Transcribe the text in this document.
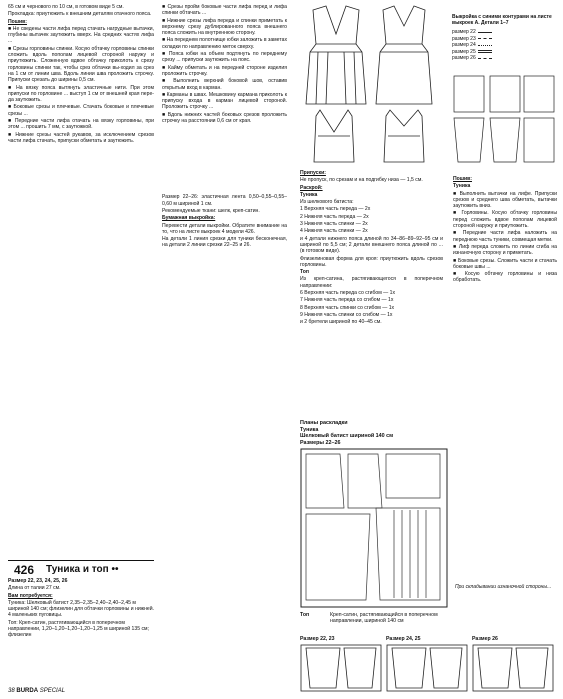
65 см и чернового по 10 см, в готовом виде 5 см.

Прокладка: приутюжить к внешним деталям отачного пояса.

Пошив:

■ Не сведены части лифа перед стачать нагрудные вытачки, глубины вытачек заутюжить вверх. На средних частях лифа ...

■ Срезы горловины спинки. Косую обтачку горловины спинки сложить вдоль пополам лицевой стороной наружу и приутюжить. Сложенную вдвое обтачку приколоть к срезу горловины спинки так, чтобы срез обтачки вы-ходил за срез на 1 см от линии шва. Вдоль линии шва проложить строчку. Припуски срезать до ширины 0,5 см.

■ На вязку пояса вытянуть эластичные нити. При этом припуски по горловине ... выступ 1 см от внешней края пере-да заутюжить.

■ Боковые срезы и плечевые. Стачать боковые и плечевые срезы ...

■ Передние части лифа отачать на вязку горловины, при этом ... прошить 7 мм, с заутюжкой.

■ Нижние срезы частей рукавов, за исключением срезов части лифа стачать, припуски обметать и заутюжить.

426 Туника и топ ••

Размер 22, 23, 24, 25, 26

Длина от талии 27 см.

Вам потребуется:

Туника: Шелковый батист 2,35–2,35–2,40–2,40–2,45 м шириной 140 см; флизелин для обтачки горловины и нижней. 4 маленьких пуговицы.

Топ: Креп-сатин, растягивающийся в поперечном направлении, 1,20–1,20–1,20–1,20–1,25 м шириной 135 см; флизелин

■ Срезы пройм боковые части лифа перед и лифа спинки обтачать ...

■ Нижние срезы лифа переда и спинки приметать к верхнему срезу дублированного пояса внешнего пояса сложить на внутреннюю сторону.

■ На переднем полотнище юбки заложить в заметах складки по направлению меток сверху.

■ Пояса юбки на объем подтянуть по переднему срезу ... припуски заутюжить на пояс.

■ Кайму обметать и на передней стороне изделия проложить строчку.

■ Выполнить верхний боковой шов, оставив открытым вход в карман.

■ Карманы в швах. Мешковину кармана приколоть к припуску входа в карман лицевой стороной. Проложить строчку ...

■ Вдоль нижних частей боковых срезов проложить строчку на расстоянии 0,6 см от края.

Размер 22–26: эластичная лента 0,50–0,55–0,55–0,60 м шириной 1 см.

Рекомендуемые ткани: шелк, креп-сатин.

Бумажная выкройка:

Перевести детали выкройки. Обратите внимание на то, что на листе выкроек 4 модели 426.

На детали 1 линия срезки для туники бесконечная, на детали 2 линии срезки 22–25 и 26.

Выкройка с синими контурами на листе выкроек А. Детали 1–7
размер 22
размер 23
размер 24
размер 25
размер 26

Припуски:

Не пропуск, по срезам и на подгибку низа — 1,5 см.

Раскрой:

Туника

Из шелкового батиста:

1 Верхняя часть переда — 2x

2 Нижняя часть переда — 2x

3 Нижняя часть спинки — 2x

4 Нижняя часть спинки — 2x

и 4 детали нижнего пояса длиной по 34–86–89–92–95 см и шириной по 5,5 см; 2 детали внешнего пояса длиной по ... (в готовом виде).

Флизелиновая форма для кроя: приутюжить вдоль срезов горловины.

Топ

Из креп-сатина, растягивающегося в поперечном направлении:

6 Верхняя часть переда со сгибом — 1x

7 Нижняя часть переда со сгибом — 1x

8 Верхняя часть спинки со сгибом — 1x

9 Нижняя часть спинки со сгибом — 1x

и 2 бретели шириной по 40–45 см.

Пошив:

Туника

■ Выполнить вытачки на лифе. Припуски срезов и среднего шва обметать, вытачки заутюжить вниз.

■ Горловины. Косую обтачку горловины перед сложить вдвое пополам лицевой стороной наружу и приутюжить.

■ Передние части лифа наложить на переднюю часть туники, совмещая метки.

■ Лиф переда сложить по линии сгиба на изнаночную сторону и приметать.

■ Боковые срезы. Сложить части и стачать боковые швы ...

■ Косую обтачку горловины и низа обработать.

Планы раскладки
Туника
Шелковый батист шириной 140 см
Размеры 22–26
Топ	Креп-сатин, растягивающийся в поперечном направлении, шириной 140 см
Размер 22, 23	Размер 24, 25	Размер 26
При складывании изнаночной стороны...
38 BURDA SPECIAL
